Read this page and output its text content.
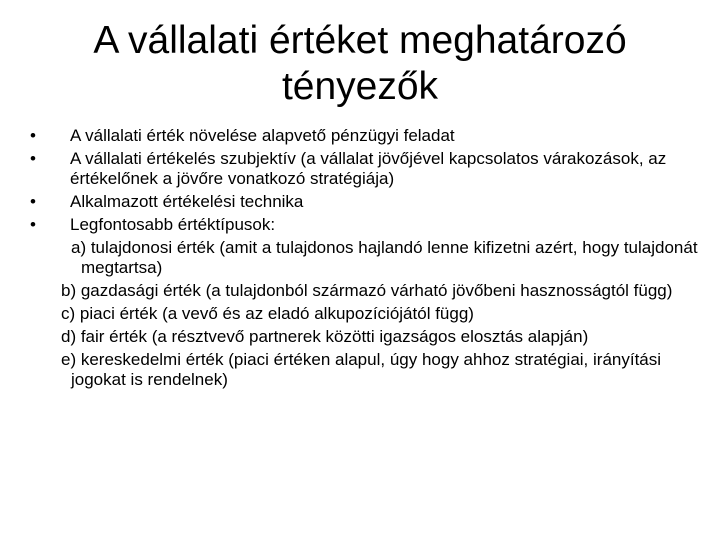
A vállalati értéket meghatározó
tényezők
• A vállalati érték növelése alapvető pénzügyi feladat
• A vállalati értékelés szubjektív (a vállalat jövőjével kapcsolatos várakozások, az értékelőnek a jövőre vonatkozó stratégiája)
• Alkalmazott értékelési technika
• Legfontosabb értéktípusok:
a) tulajdonosi érték (amit a tulajdonos hajlandó lenne kifizetni azért, hogy tulajdonát megtartsa)
b) gazdasági érték (a tulajdonból származó várható jövőbeni hasznosságtól függ)
c) piaci érték (a vevő és az eladó alkupozíciójától függ)
d) fair érték (a résztvevő partnerek közötti igazságos elosztás alapján)
e) kereskedelmi érték (piaci értéken alapul, úgy hogy ahhoz stratégiai, irányítási jogokat is rendelnek)
